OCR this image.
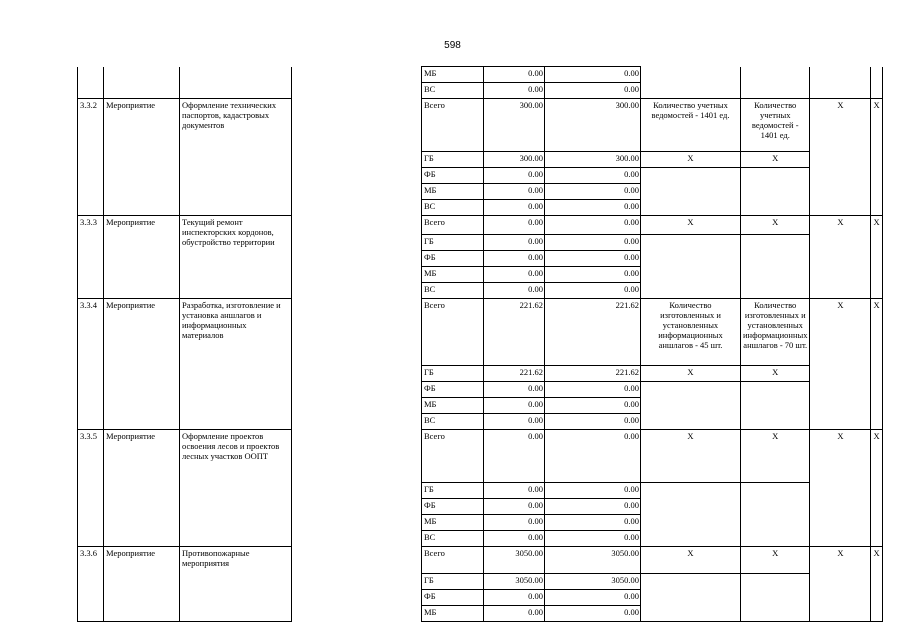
598
					МБ	0.00	0.00				
					ВС	0.00	0.00				
3.3.2	Мероприятие	Оформление технических паспортов, кадастровых документов			Всего	300.00	300.00	Количество учетных ведомостей - 1401 ед.	Количество учетных ведомостей - 1401 ед.	Х	Х
					ГБ	300.00	300.00	Х	Х		
					ФБ	0.00	0.00				
					МБ	0.00	0.00				
					ВС	0.00	0.00				
3.3.3	Мероприятие	Текущий ремонт инспекторских кордонов, обустройство территории			Всего	0.00	0.00	Х	Х	Х	Х
					ГБ	0.00	0.00				
					ФБ	0.00	0.00				
					МБ	0.00	0.00				
					ВС	0.00	0.00				
3.3.4	Мероприятие	Разработка, изготовление и установка аншлагов и информационных материалов			Всего	221.62	221.62	Количество изготовленных и установленных информационных аншлагов - 45 шт.	Количество изготовленных и установленных информационных аншлагов - 70 шт.	Х	Х
					ГБ	221.62	221.62	Х	Х		
					ФБ	0.00	0.00				
					МБ	0.00	0.00				
					ВС	0.00	0.00				
3.3.5	Мероприятие	Оформление проектов освоения лесов и проектов лесных участков ООПТ			Всего	0.00	0.00	Х	Х	Х	Х
					ГБ	0.00	0.00				
					ФБ	0.00	0.00				
					МБ	0.00	0.00				
					ВС	0.00	0.00				
3.3.6	Мероприятие	Противопожарные мероприятия			Всего	3050.00	3050.00	Х	Х	Х	Х
					ГБ	3050.00	3050.00				
					ФБ	0.00	0.00				
					МБ	0.00	0.00				
